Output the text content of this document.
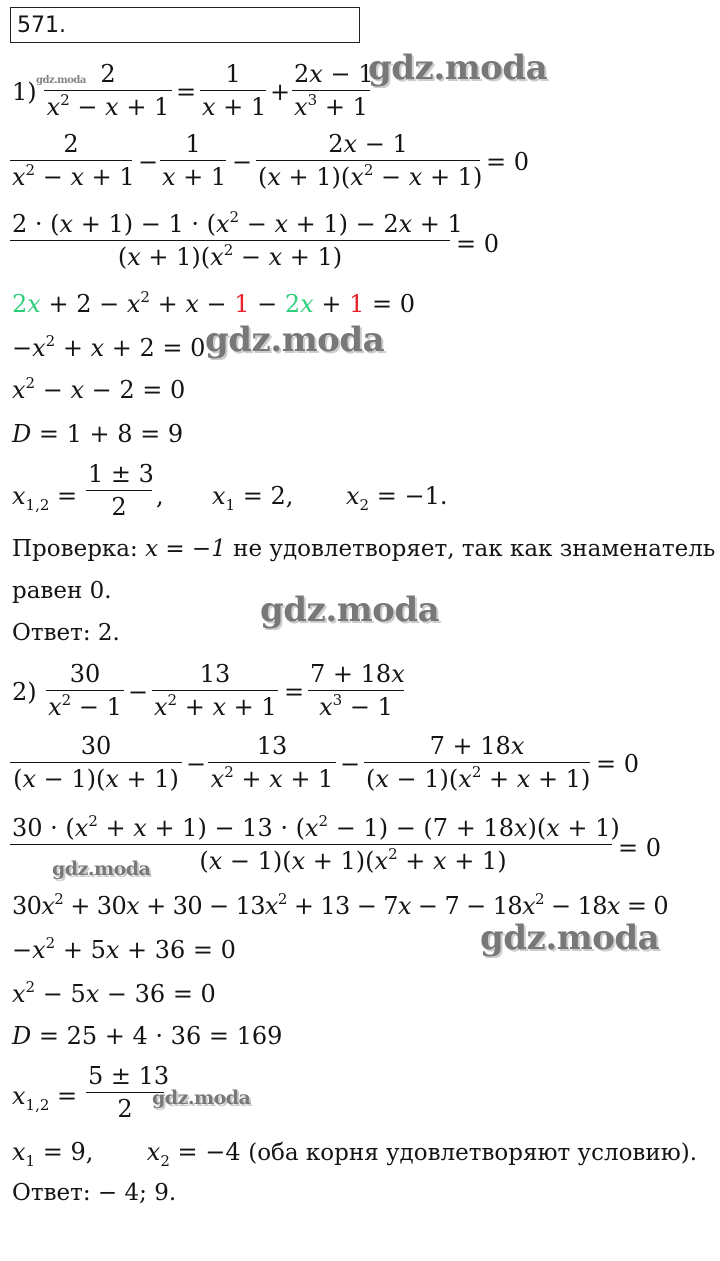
571.
gdz.moda
gdz.moda
gdz.moda
gdz.moda
gdz.moda
gdz.moda
gdz.moda
1)
2
$x^2 - x + 1$
=
1
x + 1
+
2x − 1
$x^3 + 1$
2
$x^2 - x + 1$
−
1
x + 1
−
2x − 1
$(x + 1)(x^2 - x + 1)$
= 0
$2 \cdot (x + 1) - 1 \cdot (x^2 - x + 1) - 2x + 1$
$(x + 1)(x^2 - x + 1)$	= 0
$2x + 2 - x^2 + x - 1 - 2x + 1 = 0$
$-x^2 + x + 2 = 0$
$x^2 - x - 2 = 0$
D = 1 + 8 = 9
$x_{1,2}$ =
1 ± 3
2	, $x_1 = 2$, $x_2 = -1$.
Проверка: x = −1 не удовлетворяет, так как знаменатель
равен 0.
Ответ: 2.
2)
30
$x^2 - 1$
−
13
$x^2 + x + 1$
=
7 + 18x
$x^3 - 1$
30
(x − 1)(x + 1)
−
13
$x^2 + x + 1$
−
7 + 18x
$(x - 1)(x^2 + x + 1)$
= 0
$30 \cdot (x^2 + x + 1) - 13 \cdot (x^2 - 1) - (7 + 18x)(x + 1)$
$(x - 1)(x + 1)(x^2 + x + 1)$	= 0
$30x^2 + 30x + 30 - 13x^2 + 13 - 7x - 7 - 18x^2 - 18x = 0$
$-x^2 + 5x + 36 = 0$
$x^2 - 5x - 36 = 0$
D = 25 + 4 · 36 = 169
$x_{1,2}$ =
5 ± 13
2
$x_1 = 9$,       $x_2 = -4$ (оба корня удовлетворяют условию).
Ответ: − 4; 9.
